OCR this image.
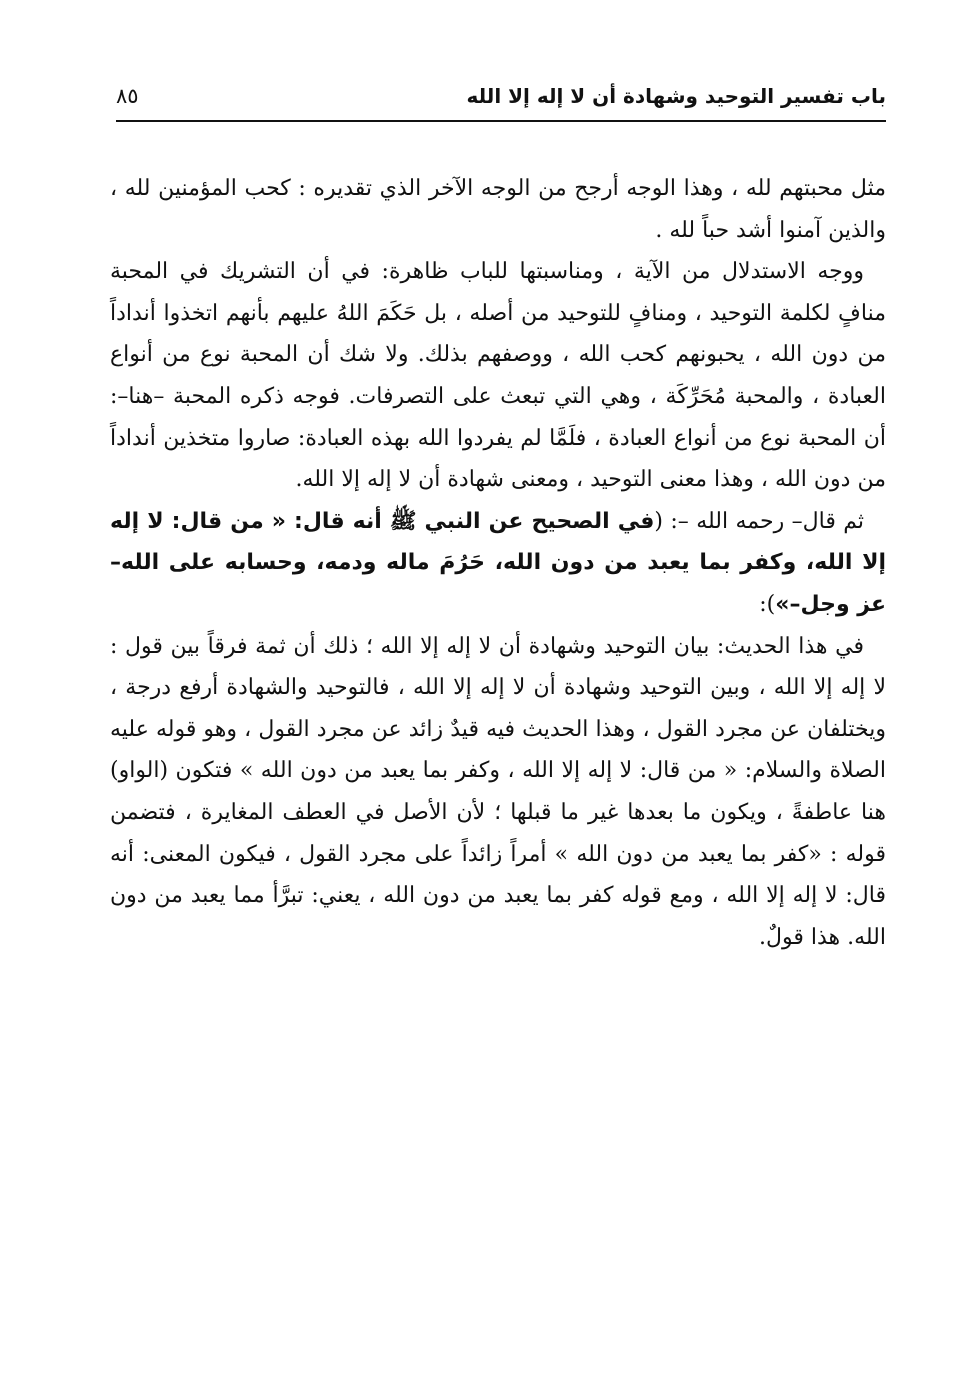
باب تفسير التوحيد وشهادة أن لا إله إلا الله
٨٥

مثل محبتهم لله ، وهذا الوجه أرجح من الوجه الآخر الذي تقديره : كحب المؤمنين لله ، والذين آمنوا أشد حباً لله .

ووجه الاستدلال من الآية ، ومناسبتها للباب ظاهرة: في أن التشريك في المحبة منافٍ لكلمة التوحيد ، ومنافٍ للتوحيد من أصله ، بل حَكَمَ اللهُ عليهم بأنهم اتخذوا أنداداً من دون الله ، يحبونهم كحب الله ، ووصفهم بذلك. ولا شك أن المحبة نوع من أنواع العبادة ، والمحبة مُحَرِّكَة ، وهي التي تبعث على التصرفات. فوجه ذكره المحبة –هنا–: أن المحبة نوع من أنواع العبادة ، فلَمَّا لم يفردوا الله بهذه العبادة: صاروا متخذين أنداداً من دون الله ، وهذا معنى التوحيد ، ومعنى شهادة أن لا إله إلا الله.

ثم قال– رحمه الله –: (في الصحيح عن النبي ﷺ أنه قال: « من قال: لا إله إلا الله، وكفر بما يعبد من دون الله، حَرُمَ ماله ودمه، وحسابه على الله– عز وجل–»):

في هذا الحديث: بيان التوحيد وشهادة أن لا إله إلا الله ؛ ذلك أن ثمة فرقاً بين قول : لا إله إلا الله ، وبين التوحيد وشهادة أن لا إله إلا الله ، فالتوحيد والشهادة أرفع درجة ، ويختلفان عن مجرد القول ، وهذا الحديث فيه قيدٌ زائد عن مجرد القول ، وهو قوله عليه الصلاة والسلام: « من قال: لا إله إلا الله ، وكفر بما يعبد من دون الله » فتكون (الواو) هنا عاطفةً ، ويكون ما بعدها غير ما قبلها ؛ لأن الأصل في العطف المغايرة ، فتضمن قوله : «كفر بما يعبد من دون الله » أمراً زائداً على مجرد القول ، فيكون المعنى: أنه قال: لا إله إلا الله ، ومع قوله كفر بما يعبد من دون الله ، يعني: تبرَّأ مما يعبد من دون الله. هذا قولٌ.
